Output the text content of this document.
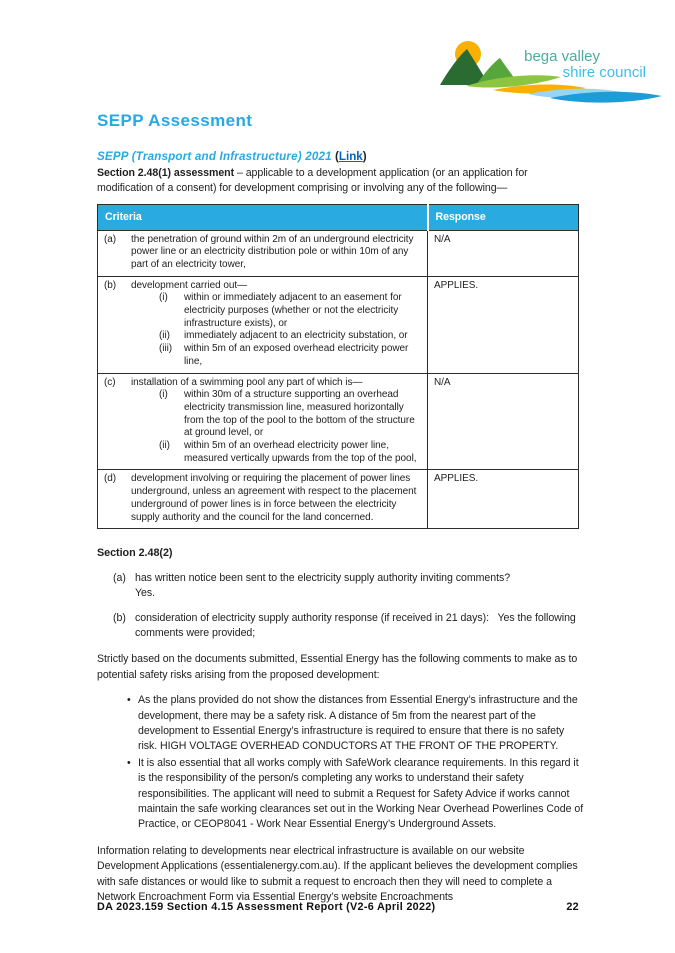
bega valley
shire council
SEPP Assessment
SEPP (Transport and Infrastructure) 2021 (Link)
Section 2.48(1) assessment – applicable to a development application (or an application for modification of a consent) for development comprising or involving any of the following—
Criteria	Response

(a) the penetration of ground within 2m of an underground electricity power line or an electricity distribution pole or within 10m of any part of an electricity tower,	N/A

(b)	development carried out—
(i)	within or immediately adjacent to an easement for electricity purposes (whether or not the electricity infrastructure exists), or
(ii)	immediately adjacent to an electricity substation, or
(iii)	within 5m of an exposed overhead electricity power line,
	APPLIES.

(c)	installation of a swimming pool any part of which is—
(i)	within 30m of a structure supporting an overhead electricity transmission line, measured horizontally from the top of the pool to the bottom of the structure at ground level, or
(ii)	within 5m of an overhead electricity power line, measured vertically upwards from the top of the pool,
	N/A

(d) development involving or requiring the placement of power lines underground, unless an agreement with respect to the placement underground of power lines is in force between the electricity supply authority and the council for the land concerned.	APPLIES.
Section 2.48(2)
(a) has written notice been sent to the electricity supply authority inviting comments?
Yes.
(b) consideration of electricity supply authority response (if received in 21 days):   Yes the following comments were provided;
Strictly based on the documents submitted, Essential Energy has the following comments to make as to potential safety risks arising from the proposed development:
• As the plans provided do not show the distances from Essential Energy’s infrastructure and the development, there may be a safety risk. A distance of 5m from the nearest part of the development to Essential Energy’s infrastructure is required to ensure that there is no safety risk. HIGH VOLTAGE OVERHEAD CONDUCTORS AT THE FRONT OF THE PROPERTY.
• It is also essential that all works comply with SafeWork clearance requirements. In this regard it is the responsibility of the person/s completing any works to understand their safety responsibilities. The applicant will need to submit a Request for Safety Advice if works cannot maintain the safe working clearances set out in the Working Near Overhead Powerlines Code of Practice, or CEOP8041 - Work Near Essential Energy’s Underground Assets.
Information relating to developments near electrical infrastructure is available on our website Development Applications (essentialenergy.com.au). If the applicant believes the development complies with safe distances or would like to submit a request to encroach then they will need to complete a Network Encroachment Form via Essential Energy’s website Encroachments
DA 2023.159 Section 4.15 Assessment Report (V2-6 April 2022)	22
